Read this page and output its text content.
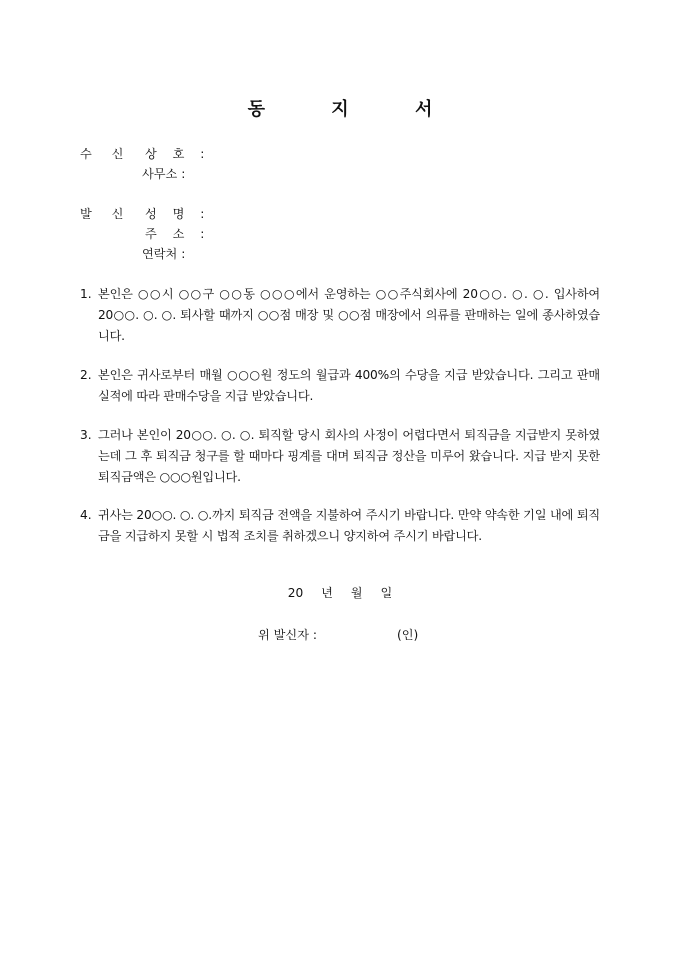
동 지 서
수 신 상 호 :
사무소 :
발 신 성 명 :
주 소 :
연락처 :
1. 본인은 ○○시 ○○구 ○○동 ○○○에서 운영하는 ○○주식회사에 20○○. ○. ○. 입사하여 20○○. ○. ○. 퇴사할 때까지 ○○점 매장 및 ○○점 매장에서 의류를 판매하는 일에 종사하였습니다.
2. 본인은 귀사로부터 매월 ○○○원 정도의 월급과 400%의 수당을 지급 받았습니다. 그리고 판매실적에 따라 판매수당을 지급 받았습니다.
3. 그러나 본인이 20○○. ○. ○. 퇴직할 당시 회사의 사정이 어렵다면서 퇴직금을 지급받지 못하였는데 그 후 퇴직금 청구를 할 때마다 핑계를 대며 퇴직금 정산을 미루어 왔습니다. 지급 받지 못한 퇴직금액은 ○○○원입니다.
4. 귀사는 20○○. ○. ○.까지 퇴직금 전액을 지불하여 주시기 바랍니다. 만약 약속한 기일 내에 퇴직금을 지급하지 못할 시 법적 조치를 취하겠으니 양지하여 주시기 바랍니다.
20 년 월 일
위 발신자 :	(인)
